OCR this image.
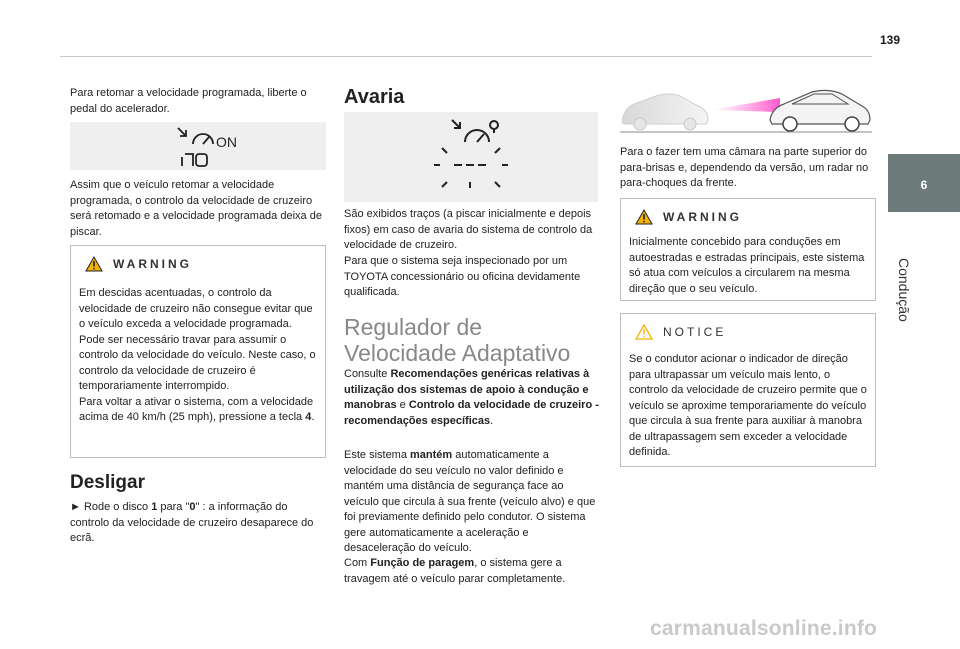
139
6
Condução
Para retomar a velocidade programada, liberte o pedal do acelerador.
ON
Assim que o veículo retomar a velocidade programada, o controlo da velocidade de cruzeiro será retomado e a velocidade programada deixa de piscar.
WARNING
Em descidas acentuadas, o controlo da velocidade de cruzeiro não consegue evitar que o veículo exceda a velocidade programada.
Pode ser necessário travar para assumir o controlo da velocidade do veículo. Neste caso, o controlo da velocidade de cruzeiro é temporariamente interrompido.
Para voltar a ativar o sistema, com a velocidade acima de 40 km/h (25 mph), pressione a tecla 4.
Desligar
► Rode o disco 1 para "0" : a informação do controlo da velocidade de cruzeiro desaparece do ecrã.
Avaria
São exibidos traços (a piscar inicialmente e depois fixos) em caso de avaria do sistema de controlo da velocidade de cruzeiro.
Para que o sistema seja inspecionado por um TOYOTA concessionário ou oficina devidamente qualificada.
Regulador de Velocidade Adaptativo
Consulte Recomendações genéricas relativas à utilização dos sistemas de apoio à condução e manobras e Controlo da velocidade de cruzeiro - recomendações específicas.
Este sistema mantém automaticamente a velocidade do seu veículo no valor definido e mantém uma distância de segurança face ao veículo que circula à sua frente (veículo alvo) e que foi previamente definido pelo condutor. O sistema gere automaticamente a aceleração e desaceleração do veículo.
Com Função de paragem, o sistema gere a travagem até o veículo parar completamente.
Para o fazer tem uma câmara na parte superior do para-brisas e, dependendo da versão, um radar no para-choques da frente.
WARNING
Inicialmente concebido para conduções em autoestradas e estradas principais, este sistema só atua com veículos a circularem na mesma direção que o seu veículo.
NOTICE
Se o condutor acionar o indicador de direção para ultrapassar um veículo mais lento, o controlo da velocidade de cruzeiro permite que o veículo se aproxime temporariamente do veículo que circula à sua frente para auxiliar à manobra de ultrapassagem sem exceder a velocidade definida.
carmanualsonline.info
